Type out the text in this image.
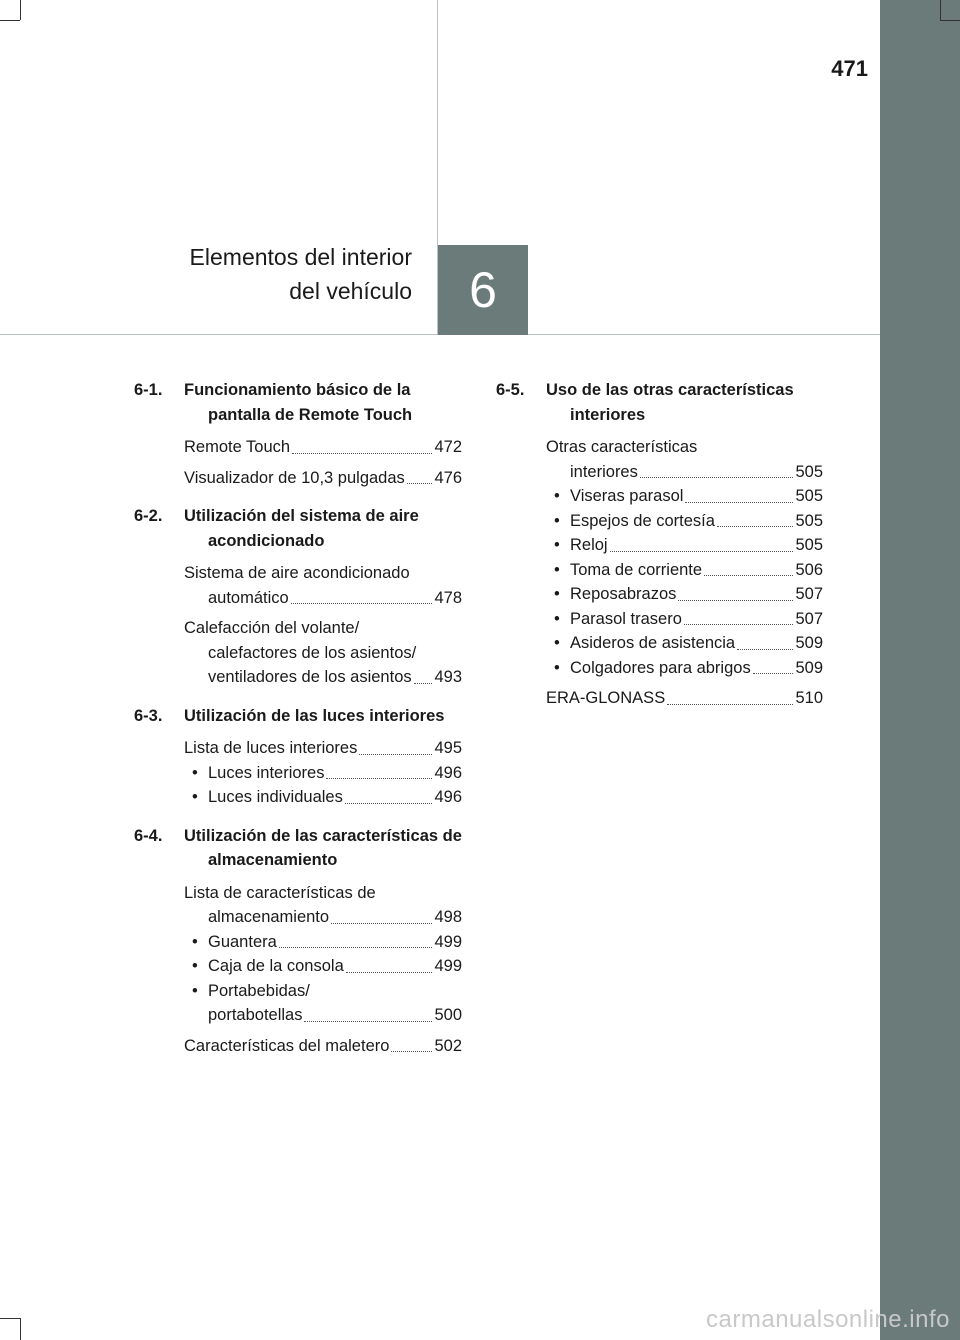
471
Elementos del interior
del vehículo	6
6-1.	Funcionamiento básico de la pantalla de Remote Touch
Remote Touch	472
Visualizador de 10,3 pulgadas 476
6-2.	Utilización del sistema de aire acondicionado
Sistema de aire acondicionado
automático	478
Calefacción del volante/
calefactores de los asientos/
ventiladores de los asientos 493
6-3.	Utilización de las luces interiores
Lista de luces interiores	495
• Luces interiores	496
• Luces individuales	496
6-4.	Utilización de las características de almacenamiento
Lista de características de
almacenamiento	498
• Guantera	499
• Caja de la consola	499
• Portabebidas/
portabotellas	500
Características del maletero	502
6-5.	Uso de las otras características interiores
Otras características
interiores	505
• Viseras parasol	505
• Espejos de cortesía	505
• Reloj	505
• Toma de corriente	506
• Reposabrazos	507
• Parasol trasero	507
• Asideros de asistencia	509
• Colgadores para abrigos	509
ERA-GLONASS	510
carmanualsonline.info
